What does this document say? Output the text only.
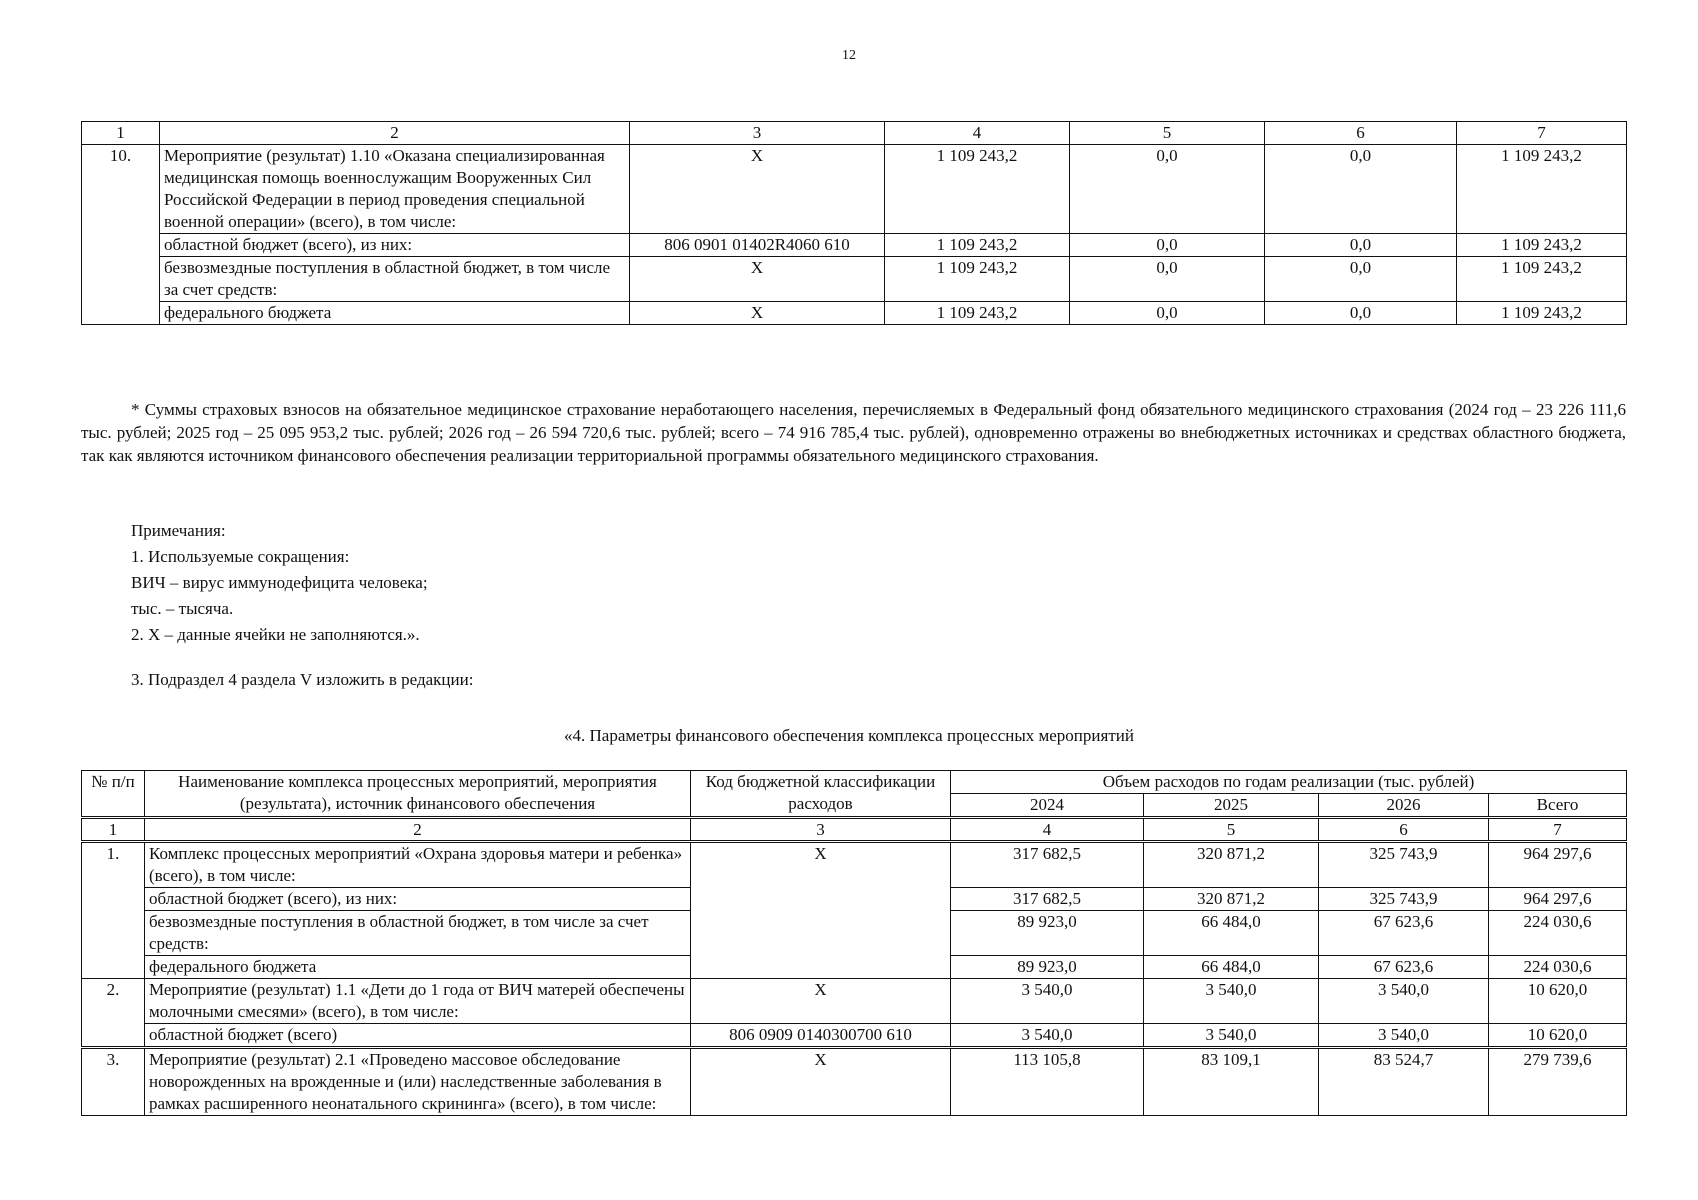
12
1	2	3	4	5	6	7
10.	Мероприятие (результат) 1.10 «Оказана специализированная медицинская помощь военнослужащим Вооруженных Сил Российской Федерации в период проведения специальной военной операции» (всего), в том числе:	X	1 109 243,2	0,0	0,0	1 109 243,2
	областной бюджет (всего), из них:	806 0901 01402R4060 610	1 109 243,2	0,0	0,0	1 109 243,2
	безвозмездные поступления в областной бюджет, в том числе за счет средств:	X	1 109 243,2	0,0	0,0	1 109 243,2
	федерального бюджета	X	1 109 243,2	0,0	0,0	1 109 243,2
* Суммы страховых взносов на обязательное медицинское страхование неработающего населения, перечисляемых в Федеральный фонд обязательного медицинского страхования (2024 год – 23 226 111,6 тыс. рублей; 2025 год – 25 095 953,2 тыс. рублей; 2026 год – 26 594 720,6 тыс. рублей; всего – 74 916 785,4 тыс. рублей), одновременно отражены во внебюджетных источниках и средствах областного бюджета, так как являются источником финансового обеспечения реализации территориальной программы обязательного медицинского страхования.
Примечания:
1. Используемые сокращения:
ВИЧ – вирус иммунодефицита человека;
тыс. – тысяча.
2. Х – данные ячейки не заполняются.».
3. Подраздел 4 раздела V изложить в редакции:
«4. Параметры финансового обеспечения комплекса процессных мероприятий
№ п/п	Наименование комплекса процессных мероприятий, мероприятия (результата), источник финансового обеспечения	Код бюджетной классификации расходов	Объем расходов по годам реализации (тыс. рублей)			
			2024	2025	2026	Всего
1	2	3	4	5	6	7
1.	Комплекс процессных мероприятий «Охрана здоровья матери и ребенка» (всего), в том числе:	X	317 682,5	320 871,2	325 743,9	964 297,6
	областной бюджет (всего), из них:		317 682,5	320 871,2	325 743,9	964 297,6
	безвозмездные поступления в областной бюджет, в том числе за счет средств:		89 923,0	66 484,0	67 623,6	224 030,6
	федерального бюджета		89 923,0	66 484,0	67 623,6	224 030,6
2.	Мероприятие (результат) 1.1 «Дети до 1 года от ВИЧ матерей обеспечены молочными смесями» (всего), в том числе:	X	3 540,0	3 540,0	3 540,0	10 620,0
	областной бюджет (всего)	806 0909 0140300700 610	3 540,0	3 540,0	3 540,0	10 620,0
3.	Мероприятие (результат) 2.1 «Проведено массовое обследование новорожденных на врожденные и (или) наследственные заболевания в рамках расширенного неонатального скрининга» (всего), в том числе:	X	113 105,8	83 109,1	83 524,7	279 739,6
